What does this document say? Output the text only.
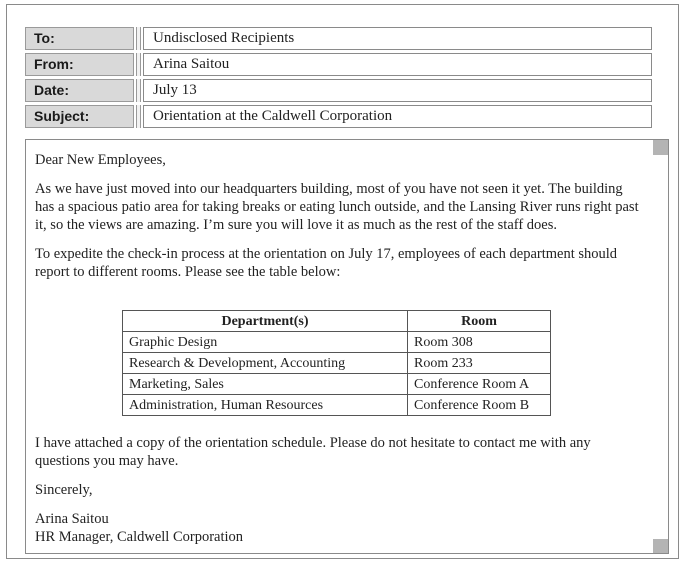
To:	Undisclosed Recipients
From:	Arina Saitou
Date:	July 13
Subject:	Orientation at the Caldwell Corporation

Dear New Employees,

As we have just moved into our headquarters building, most of you have not seen it yet. The building has a spacious patio area for taking breaks or eating lunch outside, and the Lansing River runs right past it, so the views are amazing. I’m sure you will love it as much as the rest of the staff does.

To expedite the check-in process at the orientation on July 17, employees of each department should report to different rooms. Please see the table below:

Department(s)	Room
Graphic Design	Room 308
Research & Development, Accounting	Room 233
Marketing, Sales	Conference Room A
Administration, Human Resources	Conference Room B

I have attached a copy of the orientation schedule. Please do not hesitate to contact me with any questions you may have.

Sincerely,

Arina Saitou
HR Manager, Caldwell Corporation
